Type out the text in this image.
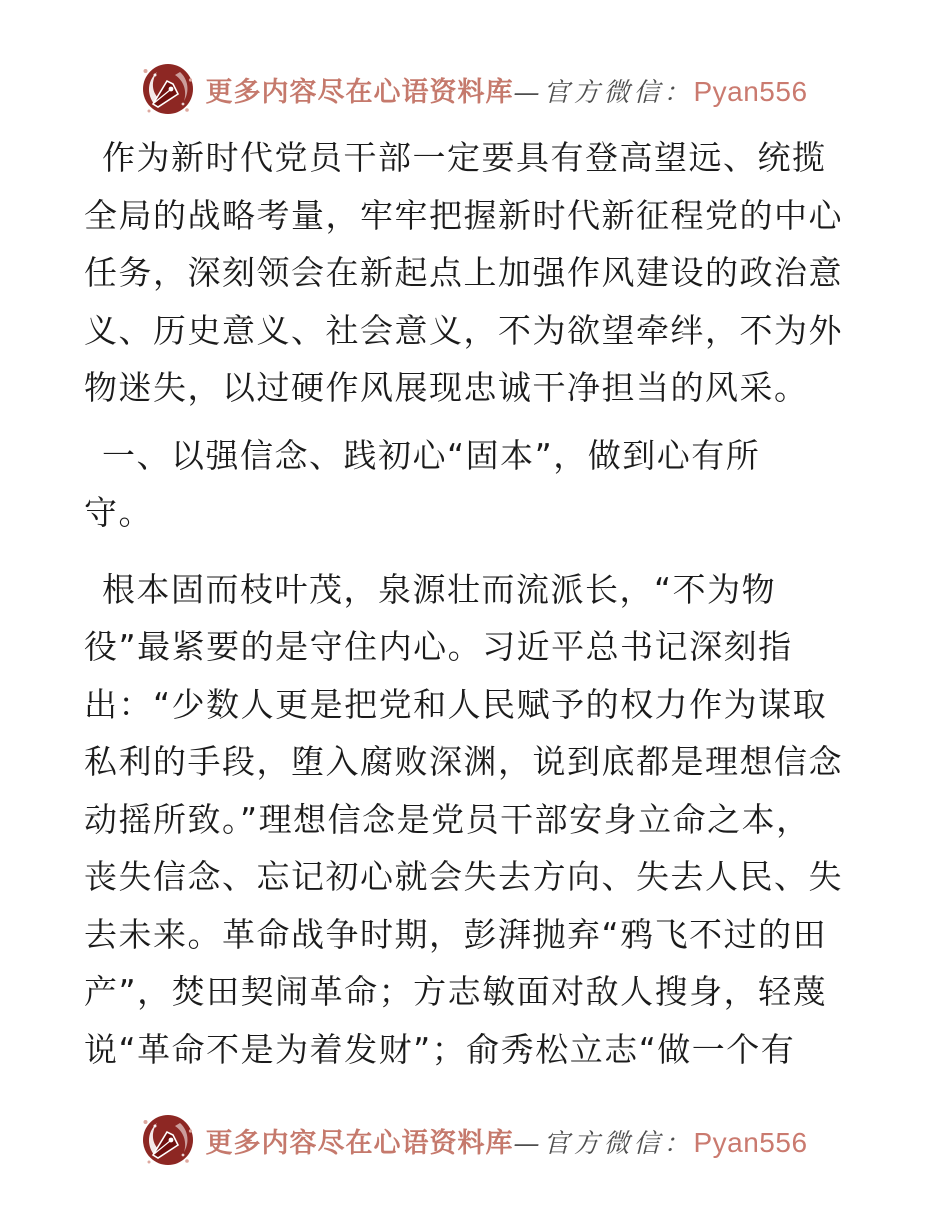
更多内容尽在心语资料库 —官方微信： Pyan556
作为新时代党员干部一定要具有登高望远、统揽
全局的战略考量，牢牢把握新时代新征程党的中心
任务，深刻领会在新起点上加强作风建设的政治意
义、历史意义、社会意义，不为欲望牵绊，不为外
物迷失，以过硬作风展现忠诚干净担当的风采。
一、以强信念、践初心“固本”，做到心有所
守。
根本固而枝叶茂，泉源壮而流派长，“不为物
役”最紧要的是守住内心。习近平总书记深刻指
出：“少数人更是把党和人民赋予的权力作为谋取
私利的手段，堕入腐败深渊，说到底都是理想信念
动摇所致。”理想信念是党员干部安身立命之本，
丧失信念、忘记初心就会失去方向、失去人民、失
去未来。革命战争时期，彭湃抛弃“鸦飞不过的田
产”，焚田契闹革命；方志敏面对敌人搜身，轻蔑
说“革命不是为着发财”；俞秀松立志“做一个有
更多内容尽在心语资料库 —官方微信： Pyan556
